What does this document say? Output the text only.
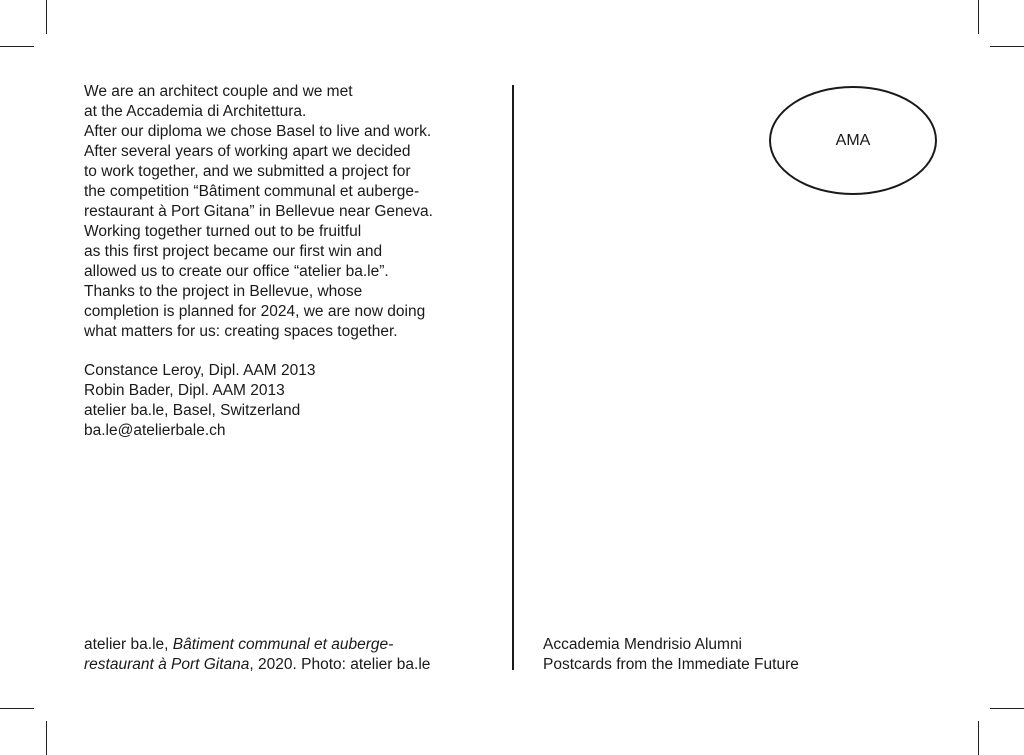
We are an architect couple and we met
at the Accademia di Architettura.
After our diploma we chose Basel to live and work.
After several years of working apart we decided
to work together, and we submitted a project for
the competition “Bâtiment communal et auberge-
restaurant à Port Gitana” in Bellevue near Geneva.
Working together turned out to be fruitful
as this first project became our first win and
allowed us to create our office “atelier ba.le”.
Thanks to the project in Bellevue, whose
completion is planned for 2024, we are now doing
what matters for us: creating spaces together.
Constance Leroy, Dipl. AAM 2013
Robin Bader, Dipl. AAM 2013
atelier ba.le, Basel, Switzerland
ba.le@atelierbale.ch
AMA
atelier ba.le, Bâtiment communal et auberge-
restaurant à Port Gitana, 2020. Photo: atelier ba.le
Accademia Mendrisio Alumni
Postcards from the Immediate Future
